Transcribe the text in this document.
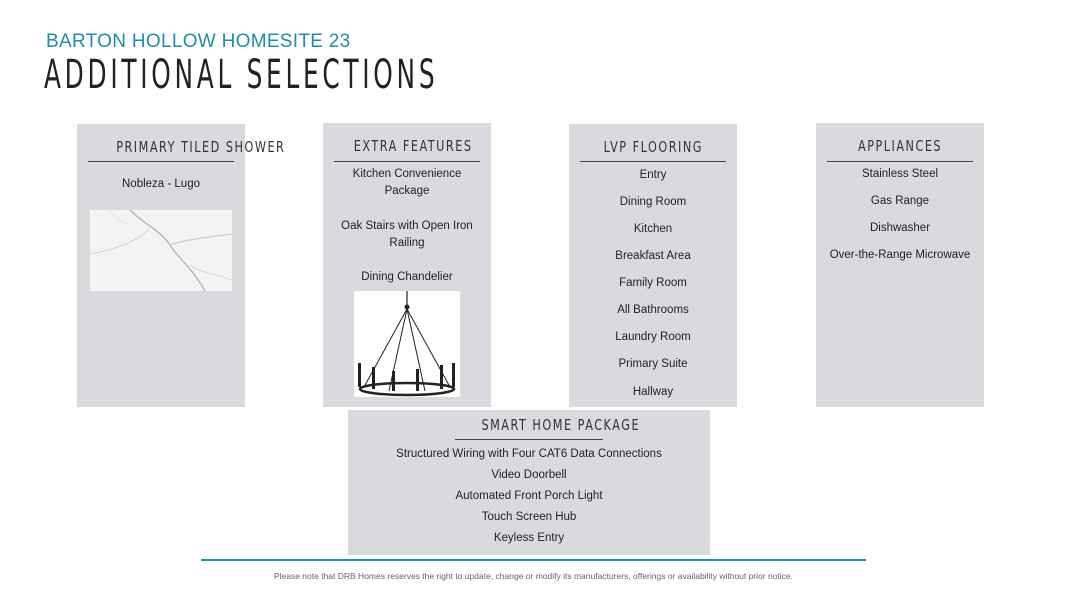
BARTON HOLLOW HOMESITE 23
ADDITIONAL SELECTIONS
PRIMARY TILED SHOWER
Nobleza - Lugo
EXTRA FEATURES
Kitchen Convenience Package
Oak Stairs with Open Iron Railing
Dining Chandelier
LVP FLOORING
Entry
Dining Room
Kitchen
Breakfast Area
Family Room
All Bathrooms
Laundry Room
Primary Suite
Hallway
APPLIANCES
Stainless Steel
Gas Range
Dishwasher
Over-the-Range Microwave
SMART HOME PACKAGE
Structured Wiring with Four CAT6 Data Connections
Video Doorbell
Automated Front Porch Light
Touch Screen Hub
Keyless Entry
Please note that DRB Homes reserves the right to update, change or modify its manufacturers, offerings or availability without prior notice.
